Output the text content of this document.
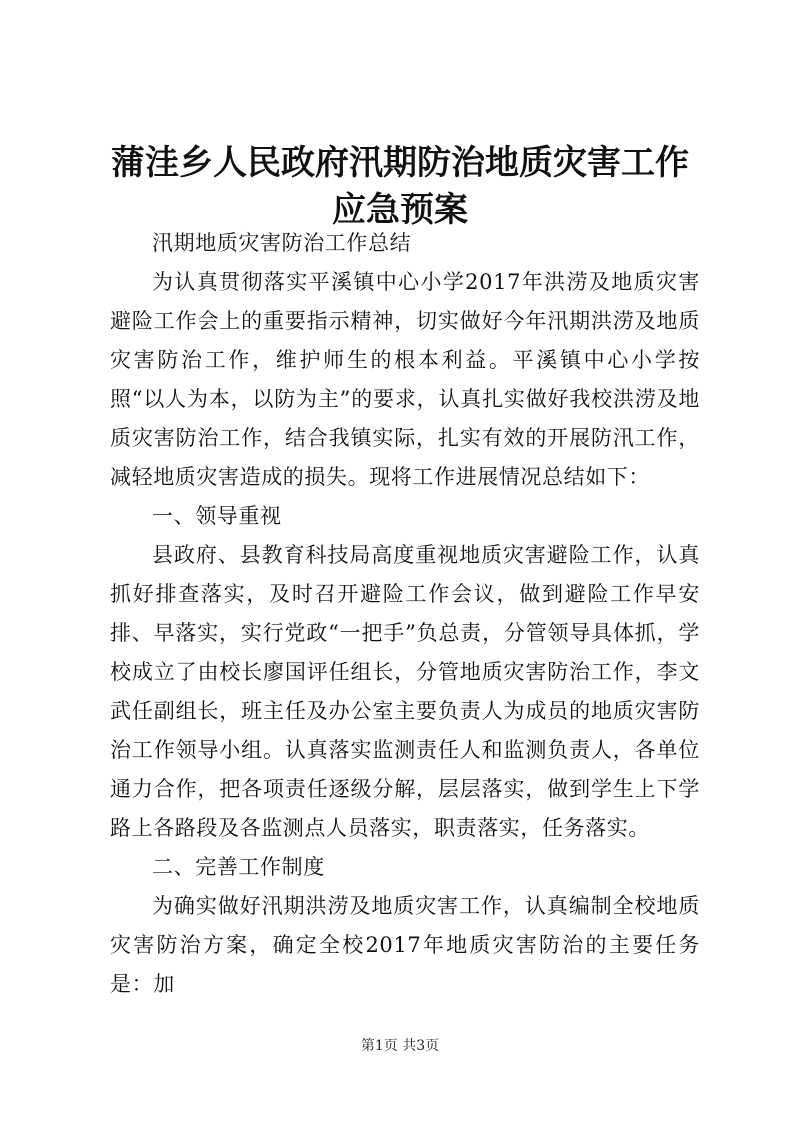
蒲洼乡人民政府汛期防治地质灾害工作应急预案

汛期地质灾害防治工作总结

为认真贯彻落实平溪镇中心小学2017年洪涝及地质灾害避险工作会上的重要指示精神，切实做好今年汛期洪涝及地质灾害防治工作，维护师生的根本利益。平溪镇中心小学按照“以人为本，以防为主”的要求，认真扎实做好我校洪涝及地质灾害防治工作，结合我镇实际，扎实有效的开展防汛工作，减轻地质灾害造成的损失。现将工作进展情况总结如下：

一、领导重视

县政府、县教育科技局高度重视地质灾害避险工作，认真抓好排查落实，及时召开避险工作会议，做到避险工作早安排、早落实，实行党政“一把手”负总责，分管领导具体抓，学校成立了由校长廖国评任组长，分管地质灾害防治工作，李文武任副组长，班主任及办公室主要负责人为成员的地质灾害防治工作领导小组。认真落实监测责任人和监测负责人，各单位通力合作，把各项责任逐级分解，层层落实，做到学生上下学路上各路段及各监测点人员落实，职责落实，任务落实。

二、完善工作制度

为确实做好汛期洪涝及地质灾害工作，认真编制全校地质灾害防治方案，确定全校2017年地质灾害防治的主要任务是：加

第1页 共3页
